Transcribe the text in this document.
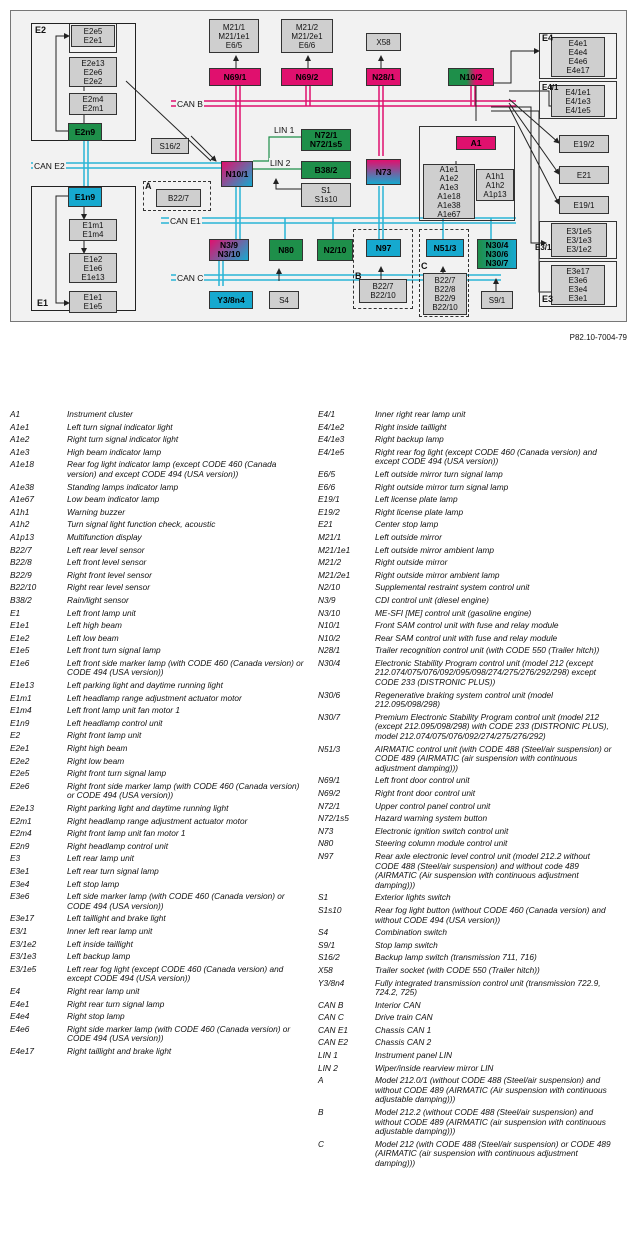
M21/1
M21/1e1
E6/5
M21/2
M21/2e1
E6/6	X58
E2e5
E2e1
E2e13
E2e6
E2e2
E2m4
E2m1
E2n9
N69/1	N69/2	N28/1	N10/2
E4e1
E4e4
E4e6
E4e17
E4/1e1
E4/1e3
E4/1e5
E19/2
E21
E19/1
S16/2
N72/1
N72/1s5	A1
A1e1
A1e2
A1e3
A1e18
A1e38
A1e67
A1h1
A1h2
A1p13
N10/1	B38/2	N73
S1
S1s10
E1n9	B22/7
E1m1
E1m4
E1e2
E1e6
E1e13
E1e1
E1e5
N3/9
N3/10	N80	N2/10	N97	N51/3	N30/4
N30/6
N30/7
B22/7
B22/10
B22/7
B22/8
B22/9
B22/10
S9/1
E3/1e5
E3/1e3
E3/1e2
E3e17
E3e6
E3e4
E3e1
Y3/8n4	S4
E2
E1
E4
E4/1
E3/1
E3
A
B
C
CAN B
CAN E2
CAN E1
CAN C
LIN 1
LIN 2
P82.10-7004-79
A1	Instrument cluster
A1e1	Left turn signal indicator light
A1e2	Right turn signal indicator light
A1e3	High beam indicator lamp
A1e18	Rear fog light indicator lamp (except CODE 460 (Canada version) and except CODE 494 (USA version))
A1e38	Standing lamps indicator lamp
A1e67	Low beam indicator lamp
A1h1	Warning buzzer
A1h2	Turn signal light function check, acoustic
A1p13	Multifunction display
B22/7	Left rear level sensor
B22/8	Left front level sensor
B22/9	Right front level sensor
B22/10	Right rear level sensor
B38/2	Rain/light sensor
E1	Left front lamp unit
E1e1	Left high beam
E1e2	Left low beam
E1e5	Left front turn signal lamp
E1e6	Left front side marker lamp (with CODE 460 (Canada version) or CODE 494 (USA version))
E1e13	Left parking light and daytime running light
E1m1	Left headlamp range adjustment actuator motor
E1m4	Left front lamp unit fan motor 1
E1n9	Left headlamp control unit
E2	Right front lamp unit
E2e1	Right high beam
E2e2	Right low beam
E2e5	Right front turn signal lamp
E2e6	Right front side marker lamp (with CODE 460 (Canada version) or CODE 494 (USA version))
E2e13	Right parking light and daytime running light
E2m1	Right headlamp range adjustment actuator motor
E2m4	Right front lamp unit fan motor 1
E2n9	Right headlamp control unit
E3	Left rear lamp unit
E3e1	Left rear turn signal lamp
E3e4	Left stop lamp
E3e6	Left side marker lamp (with CODE 460 (Canada version) or CODE 494 (USA version))
E3e17	Left taillight and brake light
E3/1	Inner left rear lamp unit
E3/1e2	Left inside taillight
E3/1e3	Left backup lamp
E3/1e5	Left rear fog light (except CODE 460 (Canada version) and except CODE 494 (USA version))
E4	Right rear lamp unit
E4e1	Right rear turn signal lamp
E4e4	Right stop lamp
E4e6	Right side marker lamp (with CODE 460 (Canada version) or CODE 494 (USA version))
E4e17	Right taillight and brake light
E4/1	Inner right rear lamp unit
E4/1e2	Right inside taillight
E4/1e3	Right backup lamp
E4/1e5	Right rear fog light (except CODE 460 (Canada version) and except CODE 494 (USA version))
E6/5	Left outside mirror turn signal lamp
E6/6	Right outside mirror turn signal lamp
E19/1	Left license plate lamp
E19/2	Right license plate lamp
E21	Center stop lamp
M21/1	Left outside mirror
M21/1e1	Left outside mirror ambient lamp
M21/2	Right outside mirror
M21/2e1	Right outside mirror ambient lamp
N2/10	Supplemental restraint system control unit
N3/9	CDI control unit (diesel engine)
N3/10	ME-SFI [ME] control unit (gasoline engine)
N10/1	Front SAM control unit with fuse and relay module
N10/2	Rear SAM control unit with fuse and relay module
N28/1	Trailer recognition control unit (with CODE 550 (Trailer hitch))
N30/4	Electronic Stability Program control unit (model 212 (except 212.074/075/076/092/095/098/274/275/276/292/298) except CODE 233 (DISTRONIC PLUS))
N30/6	Regenerative braking system control unit (model 212.095/098/298)
N30/7	Premium Electronic Stability Program control unit (model 212 (except 212.095/098/298) with CODE 233 (DISTRONIC PLUS), model 212.074/075/076/092/274/275/276/292)
N51/3	AIRMATIC control unit (with CODE 488 (Steel/air suspension) or CODE 489 (AIRMATIC (air suspension with continuous adjustment damping)))
N69/1	Left front door control unit
N69/2	Right front door control unit
N72/1	Upper control panel control unit
N72/1s5	Hazard warning system button
N73	Electronic ignition switch control unit
N80	Steering column module control unit
N97	Rear axle electronic level control unit (model 212.2 without CODE 488 (Steel/air suspension) and without code 489 (AIRMATIC (Air suspension with continuous adjustment damping)))
S1	Exterior lights switch
S1s10	Rear fog light button (without CODE 460 (Canada version) and without CODE 494 (USA version))
S4	Combination switch
S9/1	Stop lamp switch
S16/2	Backup lamp switch (transmission 711, 716)
X58	Trailer socket (with CODE 550 (Trailer hitch))
Y3/8n4	Fully integrated transmission control unit (transmission 722.9, 724.2, 725)
CAN B	Interior CAN
CAN C	Drive train CAN
CAN E1	Chassis CAN 1
CAN E2	Chassis CAN 2
LIN 1	Instrument panel LIN
LIN 2	Wiper/inside rearview mirror LIN
A	Model 212.0/1 (without CODE 488 (Steel/air suspension) and without CODE 489 (AIRMATIC (Air suspension with continuous adjustable damping)))
B	Model 212.2 (without CODE 488 (Steel/air suspension) and without CODE 489 (AIRMATIC (air suspension with continuous adjustable damping)))
C	Model 212 (with CODE 488 (Steel/air suspension) or CODE 489 (AIRMATIC (air suspension with continuous adjustment damping)))
